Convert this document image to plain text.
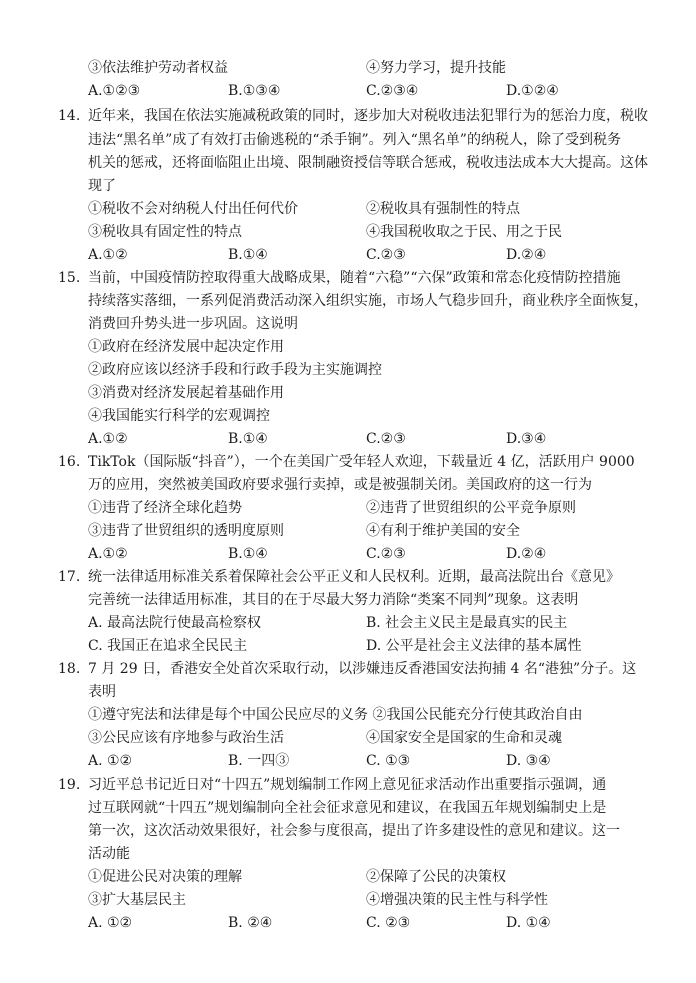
③依法维护劳动者权益	④努力学习，提升技能
A.①②③	B.①③④	C.②③④	D.①②④
14. 近年来，我国在依法实施减税政策的同时，逐步加大对税收违法犯罪行为的惩治力度，税收
违法“黑名单”成了有效打击偷逃税的“杀手锏”。列入“黑名单”的纳税人，除了受到税务
机关的惩戒，还将面临阻止出境、限制融资授信等联合惩戒，税收违法成本大大提高。这体
现了
①税收不会对纳税人付出任何代价	②税收具有强制性的特点
③税收具有固定性的特点	④我国税收取之于民、用之于民
A.①②	B.①④	C.②③	D.②④
15. 当前，中国疫情防控取得重大战略成果，随着“六稳”“六保”政策和常态化疫情防控措施
持续落实落细，一系列促消费活动深入组织实施，市场人气稳步回升，商业秩序全面恢复，
消费回升势头进一步巩固。这说明
①政府在经济发展中起决定作用
②政府应该以经济手段和行政手段为主实施调控
③消费对经济发展起着基础作用
④我国能实行科学的宏观调控
A.①②	B.①④	C.②③	D.③④
16. TikTok（国际版“抖音”），一个在美国广受年轻人欢迎，下载量近 4 亿，活跃用户 9000
万的应用，突然被美国政府要求强行卖掉，或是被强制关闭。美国政府的这一行为
①违背了经济全球化趋势	②违背了世贸组织的公平竞争原则
③违背了世贸组织的透明度原则	④有利于维护美国的安全
A.①②	B.①④	C.②③	D.②④
17. 统一法律适用标准关系着保障社会公平正义和人民权利。近期，最高法院出台《意见》
完善统一法律适用标准，其目的在于尽最大努力消除“类案不同判”现象。这表明
A. 最高法院行使最高检察权	B. 社会主义民主是最真实的民主
C. 我国正在追求全民民主	D. 公平是社会主义法律的基本属性
18. 7 月 29 日，香港安全处首次采取行动，以涉嫌违反香港国安法拘捕 4 名“港独”分子。这
表明
①遵守宪法和法律是每个中国公民应尽的义务 ②我国公民能充分行使其政治自由
③公民应该有序地参与政治生活	④国家安全是国家的生命和灵魂
A. ①②	B. 一四③	C. ①③	D. ③④
19. 习近平总书记近日对“十四五”规划编制工作网上意见征求活动作出重要指示强调，通
过互联网就“十四五”规划编制向全社会征求意见和建议，在我国五年规划编制史上是
第一次，这次活动效果很好，社会参与度很高，提出了许多建设性的意见和建议。这一
活动能
①促进公民对决策的理解	②保障了公民的决策权
③扩大基层民主	④增强决策的民主性与科学性
A. ①②	B. ②④	C. ②③	D. ①④
